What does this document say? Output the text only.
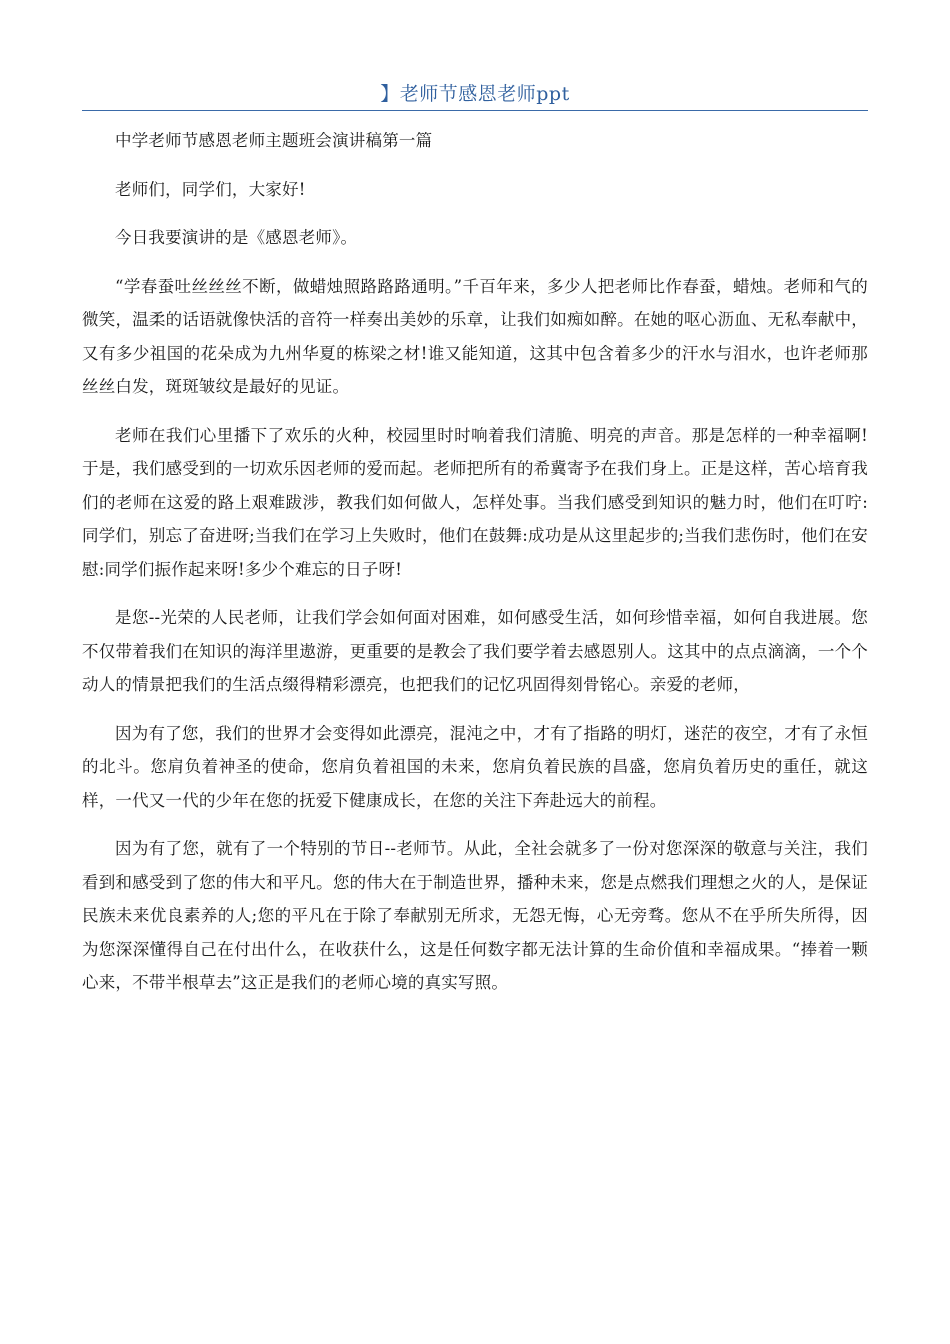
】老师节感恩老师ppt

中学老师节感恩老师主题班会演讲稿第一篇

老师们，同学们，大家好!

今日我要演讲的是《感恩老师》。

“学春蚕吐丝丝丝不断，做蜡烛照路路路通明。”千百年来，多少人把老师比作春蚕，蜡烛。老师和气的微笑，温柔的话语就像快活的音符一样奏出美妙的乐章，让我们如痴如醉。在她的呕心沥血、无私奉献中，又有多少祖国的花朵成为九州华夏的栋梁之材!谁又能知道，这其中包含着多少的汗水与泪水，也许老师那丝丝白发，斑斑皱纹是最好的见证。

老师在我们心里播下了欢乐的火种，校园里时时响着我们清脆、明亮的声音。那是怎样的一种幸福啊!于是，我们感受到的一切欢乐因老师的爱而起。老师把所有的希冀寄予在我们身上。正是这样，苦心培育我们的老师在这爱的路上艰难跋涉，教我们如何做人，怎样处事。当我们感受到知识的魅力时，他们在叮咛:同学们，别忘了奋进呀;当我们在学习上失败时，他们在鼓舞:成功是从这里起步的;当我们悲伤时，他们在安慰:同学们振作起来呀!多少个难忘的日子呀!

是您--光荣的人民老师，让我们学会如何面对困难，如何感受生活，如何珍惜幸福，如何自我进展。您不仅带着我们在知识的海洋里遨游，更重要的是教会了我们要学着去感恩别人。这其中的点点滴滴，一个个动人的情景把我们的生活点缀得精彩漂亮，也把我们的记忆巩固得刻骨铭心。亲爱的老师，

因为有了您，我们的世界才会变得如此漂亮，混沌之中，才有了指路的明灯，迷茫的夜空，才有了永恒的北斗。您肩负着神圣的使命，您肩负着祖国的未来，您肩负着民族的昌盛，您肩负着历史的重任，就这样，一代又一代的少年在您的抚爱下健康成长，在您的关注下奔赴远大的前程。

因为有了您，就有了一个特别的节日--老师节。从此，全社会就多了一份对您深深的敬意与关注，我们看到和感受到了您的伟大和平凡。您的伟大在于制造世界，播种未来，您是点燃我们理想之火的人，是保证民族未来优良素养的人;您的平凡在于除了奉献别无所求，无怨无悔，心无旁骛。您从不在乎所失所得，因为您深深懂得自己在付出什么，在收获什么，这是任何数字都无法计算的生命价值和幸福成果。“捧着一颗心来，不带半根草去”这正是我们的老师心境的真实写照。
